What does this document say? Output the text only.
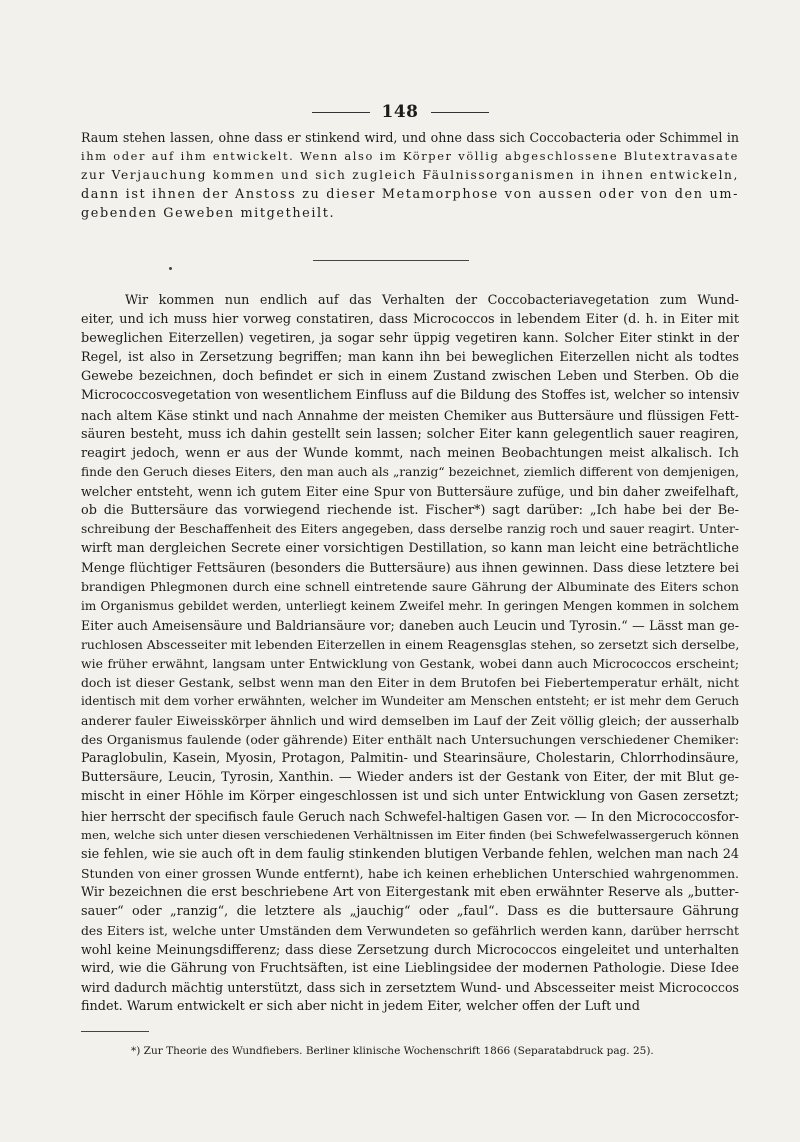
148
Raum stehen lassen, ohne dass er stinkend wird, und ohne dass sich Coccobacteria oder Schimmel in
ihm oder auf ihm entwickelt. Wenn also im Körper völlig abgeschlossene Blutextravasate
zur Verjauchung kommen und sich zugleich Fäulnissorganismen in ihnen entwickeln,
dann ist ihnen der Anstoss zu dieser Metamorphose von aussen oder von den um-
gebenden Geweben mitgetheilt.
Wir kommen nun endlich auf das Verhalten der Coccobacteriavegetation zum Wund-
eiter, und ich muss hier vorweg constatiren, dass Micrococcos in lebendem Eiter (d. h. in Eiter mit
beweglichen Eiterzellen) vegetiren, ja sogar sehr üppig vegetiren kann. Solcher Eiter stinkt in der
Regel, ist also in Zersetzung begriffen; man kann ihn bei beweglichen Eiterzellen nicht als todtes
Gewebe bezeichnen, doch befindet er sich in einem Zustand zwischen Leben und Sterben. Ob die
Micrococcosvegetation von wesentlichem Einfluss auf die Bildung des Stoffes ist, welcher so intensiv
nach altem Käse stinkt und nach Annahme der meisten Chemiker aus Buttersäure und flüssigen Fett-
säuren besteht, muss ich dahin gestellt sein lassen; solcher Eiter kann gelegentlich sauer reagiren,
reagirt jedoch, wenn er aus der Wunde kommt, nach meinen Beobachtungen meist alkalisch. Ich
finde den Geruch dieses Eiters, den man auch als „ranzig“ bezeichnet, ziemlich different von demjenigen,
welcher entsteht, wenn ich gutem Eiter eine Spur von Buttersäure zufüge, und bin daher zweifelhaft,
ob die Buttersäure das vorwiegend riechende ist. Fischer*) sagt darüber: „Ich habe bei der Be-
schreibung der Beschaffenheit des Eiters angegeben, dass derselbe ranzig roch und sauer reagirt. Unter-
wirft man dergleichen Secrete einer vorsichtigen Destillation, so kann man leicht eine beträchtliche
Menge flüchtiger Fettsäuren (besonders die Buttersäure) aus ihnen gewinnen. Dass diese letztere bei
brandigen Phlegmonen durch eine schnell eintretende saure Gährung der Albuminate des Eiters schon
im Organismus gebildet werden, unterliegt keinem Zweifel mehr. In geringen Mengen kommen in solchem
Eiter auch Ameisensäure und Baldriansäure vor; daneben auch Leucin und Tyrosin.“ — Lässt man ge-
ruchlosen Abscesseiter mit lebenden Eiterzellen in einem Reagensglas stehen, so zersetzt sich derselbe,
wie früher erwähnt, langsam unter Entwicklung von Gestank, wobei dann auch Micrococcos erscheint;
doch ist dieser Gestank, selbst wenn man den Eiter in dem Brutofen bei Fiebertemperatur erhält, nicht
identisch mit dem vorher erwähnten, welcher im Wundeiter am Menschen entsteht; er ist mehr dem Geruch
anderer fauler Eiweisskörper ähnlich und wird demselben im Lauf der Zeit völlig gleich; der ausserhalb
des Organismus faulende (oder gährende) Eiter enthält nach Untersuchungen verschiedener Chemiker:
Paraglobulin, Kasein, Myosin, Protagon, Palmitin- und Stearinsäure, Cholestarin, Chlorrhodinsäure,
Buttersäure, Leucin, Tyrosin, Xanthin. — Wieder anders ist der Gestank von Eiter, der mit Blut ge-
mischt in einer Höhle im Körper eingeschlossen ist und sich unter Entwicklung von Gasen zersetzt;
hier herrscht der specifisch faule Geruch nach Schwefel-haltigen Gasen vor. — In den Micrococcosfor-
men, welche sich unter diesen verschiedenen Verhältnissen im Eiter finden (bei Schwefelwassergeruch können
sie fehlen, wie sie auch oft in dem faulig stinkenden blutigen Verbande fehlen, welchen man nach 24
Stunden von einer grossen Wunde entfernt), habe ich keinen erheblichen Unterschied wahrgenommen.
Wir bezeichnen die erst beschriebene Art von Eitergestank mit eben erwähnter Reserve als „butter-
sauer“ oder „ranzig“, die letztere als „jauchig“ oder „faul“. Dass es die buttersaure Gährung
des Eiters ist, welche unter Umständen dem Verwundeten so gefährlich werden kann, darüber herrscht
wohl keine Meinungsdifferenz; dass diese Zersetzung durch Micrococcos eingeleitet und unterhalten
wird, wie die Gährung von Fruchtsäften, ist eine Lieblingsidee der modernen Pathologie. Diese Idee
wird dadurch mächtig unterstützt, dass sich in zersetztem Wund- und Abscesseiter meist Micrococcos
findet. Warum entwickelt er sich aber nicht in jedem Eiter, welcher offen der Luft und
*) Zur Theorie des Wundfiebers. Berliner klinische Wochenschrift 1866 (Separatabdruck pag. 25).
